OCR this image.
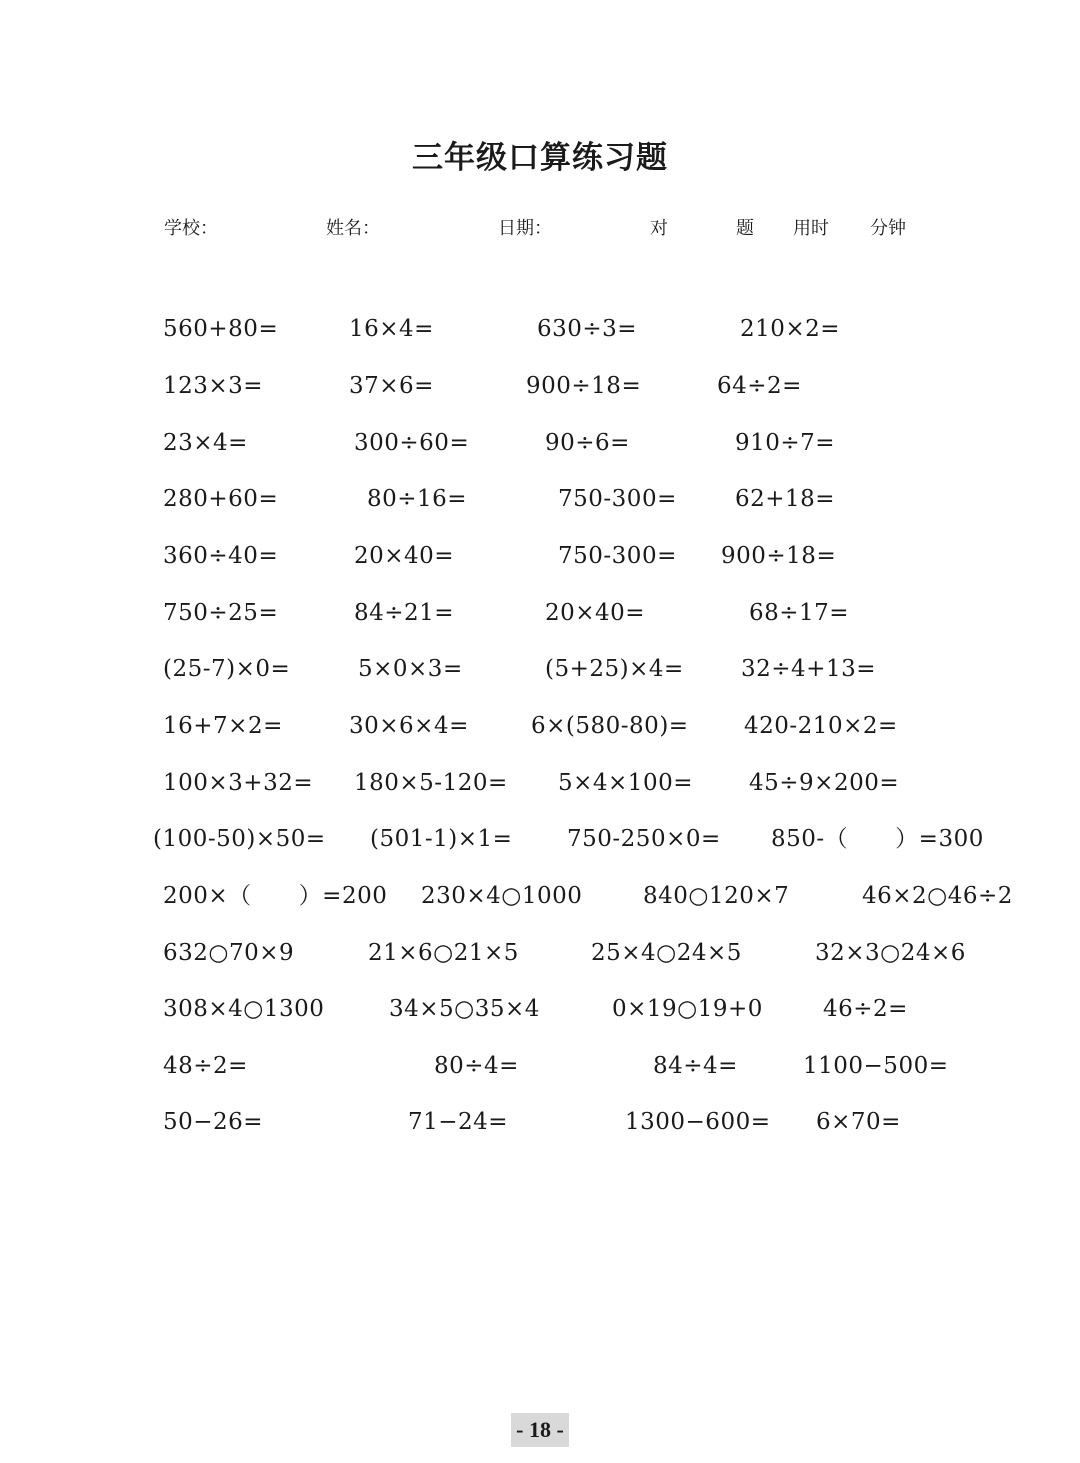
三年级口算练习题
学校：	姓名：	日期：	对	题 用时 分钟
560+80=	16×4=	630÷3=	210×2=
123×3=	37×6=	900÷18=	64÷2=
23×4=	300÷60=	90÷6=	910÷7=
280+60=	80÷16=	750-300=	62+18=
360÷40=	20×40=	750-300= 900÷18=
750÷25=	84÷21=	20×40=	68÷17=
(25-7)×0=	5×0×3=	(5+25)×4= 32÷4+13=
16+7×2=	30×6×4=	6×(580-80)= 420-210×2=
100×3+32= 180×5-120= 5×4×100= 45÷9×200=
(100-50)×50= (501-1)×1= 750-250×0= 850-（　　）=300
200×（　　）=200 230×4○1000	840○120×7	46×2○46÷2
632○70×9	21×6○21×5	25×4○24×5	32×3○24×6
308×4○1300	34×5○35×4	0×19○19+0	46÷2=
48÷2=	80÷4=	84÷4=	1100−500=
50−26=	71−24=	1300−600= 6×70=
- 18 -
